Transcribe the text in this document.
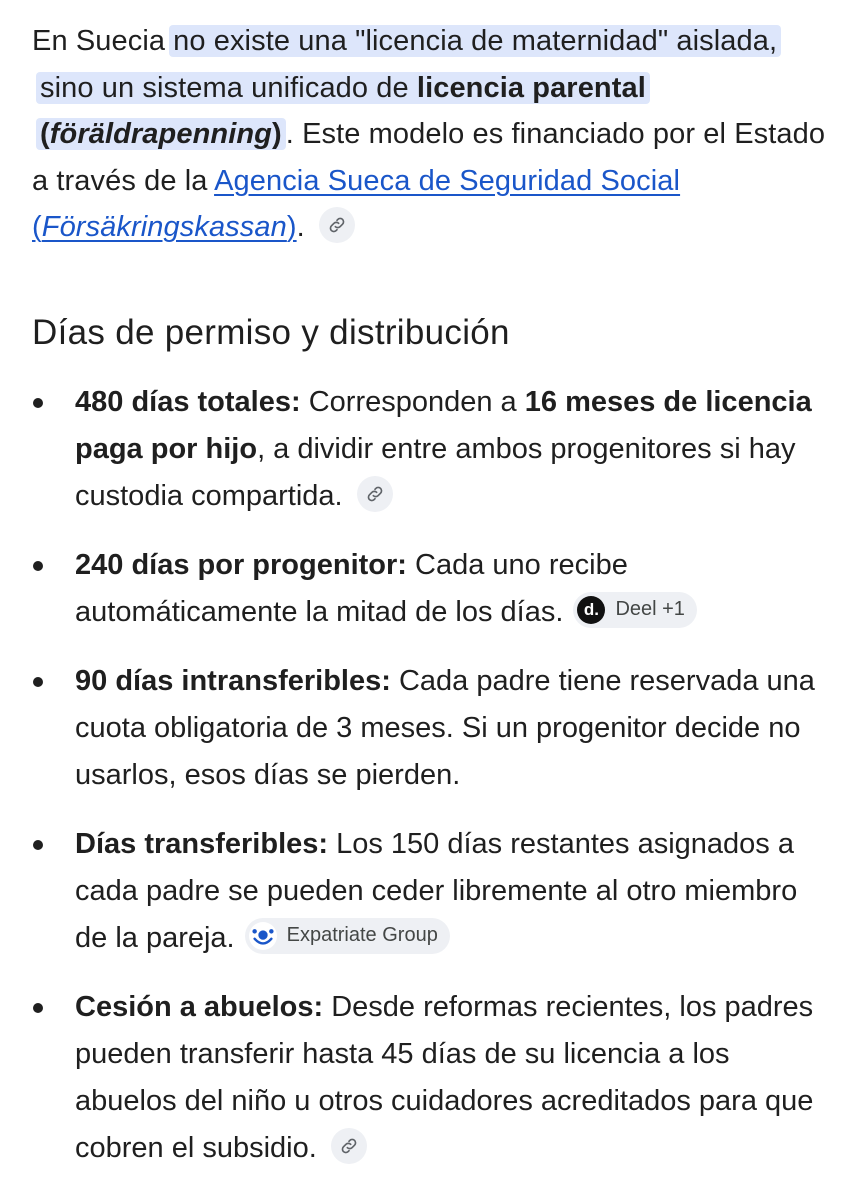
En Suecia no existe una "licencia de maternidad" aislada, sino un sistema unificado de licencia parental (föräldrapenning) . Este modelo es financiado por el Estado a través de la Agencia Sueca de Seguridad Social (Försäkringskassan).

Días de permiso y distribución
480 días totales: Corresponden a 16 meses de licencia paga por hijo, a dividir entre ambos progenitores si hay custodia compartida.
240 días por progenitor: Cada uno recibe automáticamente la mitad de los días.	d. Deel +1
90 días intransferibles: Cada padre tiene reservada una cuota obligatoria de 3 meses. Si un progenitor decide no usarlos, esos días se pierden.
Días transferibles: Los 150 días restantes asignados a cada padre se pueden ceder libremente al otro miembro de la pareja.	Expatriate Group
Cesión a abuelos: Desde reformas recientes, los padres pueden transferir hasta 45 días de su licencia a los abuelos del niño u otros cuidadores acreditados para que cobren el subsidio.
